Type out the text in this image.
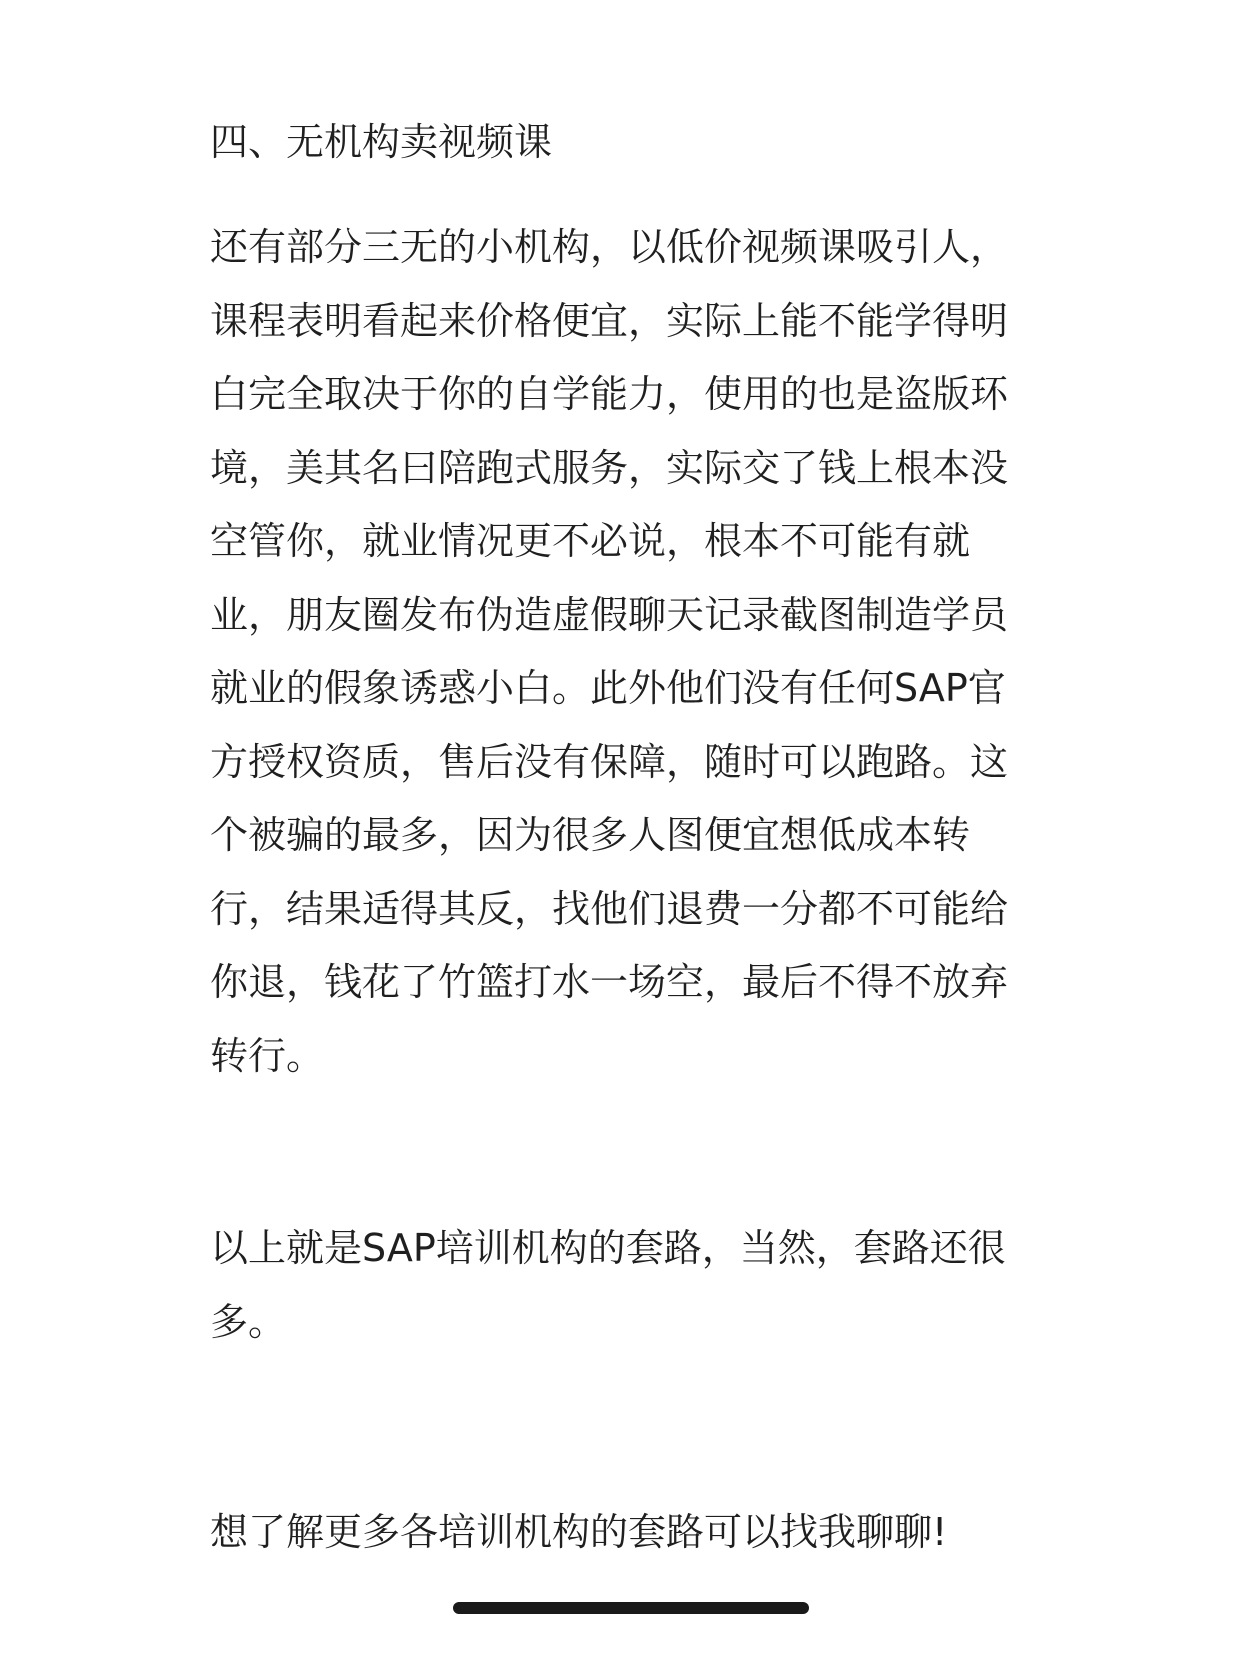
四、无机构卖视频课
还有部分三无的小机构，以低价视频课吸引人，
课程表明看起来价格便宜，实际上能不能学得明
白完全取决于你的自学能力，使用的也是盗版环
境，美其名曰陪跑式服务，实际交了钱上根本没
空管你，就业情况更不必说，根本不可能有就
业，朋友圈发布伪造虚假聊天记录截图制造学员
就业的假象诱惑小白。此外他们没有任何SAP官
方授权资质，售后没有保障，随时可以跑路。这
个被骗的最多，因为很多人图便宜想低成本转
行，结果适得其反，找他们退费一分都不可能给
你退，钱花了竹篮打水一场空，最后不得不放弃
转行。
以上就是SAP培训机构的套路，当然，套路还很
多。
想了解更多各培训机构的套路可以找我聊聊!
